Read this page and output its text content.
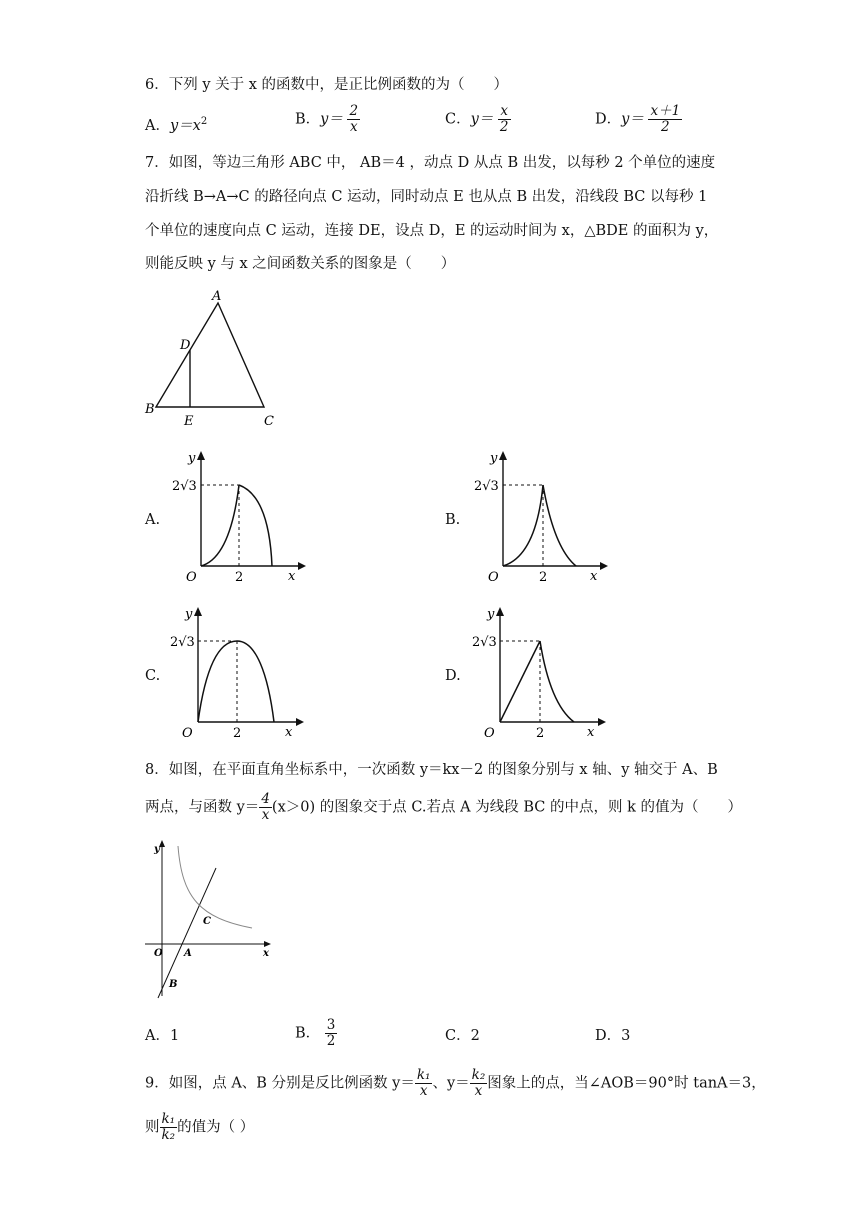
6．下列 y 关于 x 的函数中，是正比例函数的为（　　）
A．$y=x^2$	B．$y= \frac{2}{x}$	C．$y= \frac{x}{2}$	D．$y= \frac{x+1}{2}$
7．如图，等边三角形 ABC 中， AB＝4 ，动点 D 从点 B 出发，以每秒 2 个单位的速度
沿折线 B→A→C 的路径向点 C 运动，同时动点 E 也从点 B 出发，沿线段 BC 以每秒 1
个单位的速度向点 C 运动，连接 DE，设点 D，E 的运动时间为 x，△BDE 的面积为 y，
则能反映 y 与 x 之间函数关系的图象是（　　）
A
D
B
E	C
A.	B.
C.	D.
y
2√3
O	2	x
y
2√3
O	2	x
y
2√3
O	2	x
y
2√3
O	2	x
8．如图，在平面直角坐标系中，一次函数 y＝kx－2 的图象分别与 x 轴、y 轴交于 A、B
两点，与函数 $y= \frac{4}{x} (x>0)$ 的图象交于点 C.若点 A 为线段 BC 的中点，则 k 的值为（　　）
y
x
O A
B
C
A．1	B． $\frac{3}{2}$	C．2	D．3
9．如图，点 A、B 分别是反比例函数 $y= \frac{\text{k₁}}{x}$ 、$y= \frac{\text{k₂}}{x}$ 图象上的点，当∠AOB＝90°时 tanA＝3，
则 $\frac{\text{k₁}}{\text{k₂}}$ 的值为（ ）
